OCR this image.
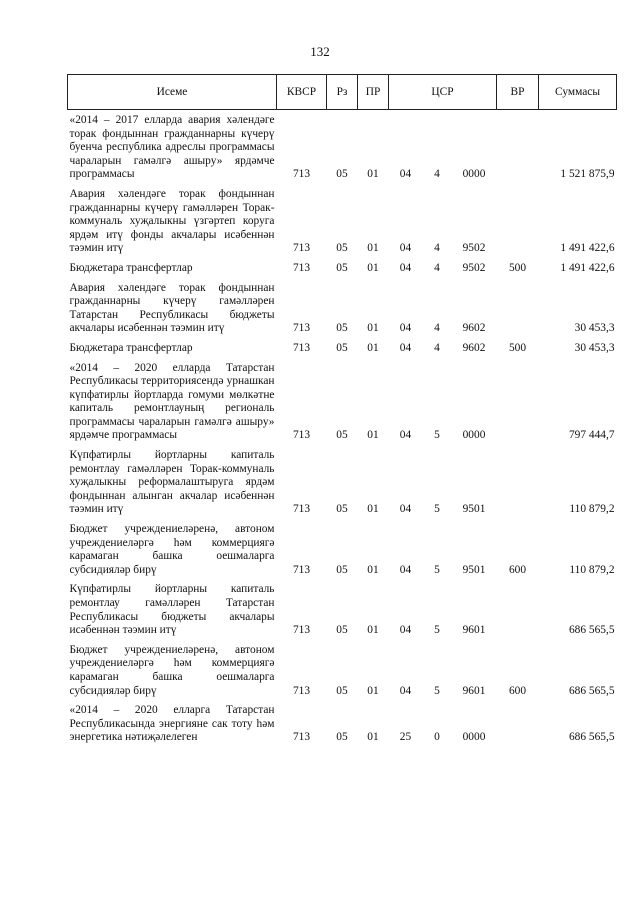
132
Исеме	КВСР	Рз	ПР	ЦСР			ВР	Суммасы
«2014 – 2017 елларда авария хәлендәге торак фондыннан гражданнарны күчерү буенча республика адреслы программасы чараларын гамәлгә ашыру» ярдәмче программасы	713	05	01	04	4	0000		1 521 875,9
Авария хәлендәге торак фондыннан гражданнарны күчерү гамәлләрен Торак-коммуналь хуҗалыкны үзгәртеп коруга ярдәм итү фонды акчалары исәбеннән тәэмин итү	713	05	01	04	4	9502		1 491 422,6
Бюджетара трансфертлар	713	05	01	04	4	9502	500	1 491 422,6
Авария хәлендәге торак фондыннан гражданнарны күчерү гамәлләрен Татарстан Республикасы бюджеты акчалары исәбеннән тәэмин итү	713	05	01	04	4	9602		30 453,3
Бюджетара трансфертлар	713	05	01	04	4	9602	500	30 453,3
«2014 – 2020 елларда Татарстан Республикасы территориясендә урнашкан күпфатирлы йортларда гомуми мөлкәтне капиталь ремонтлауның региональ программасы чараларын гамәлгә ашыру» ярдәмче программасы	713	05	01	04	5	0000		797 444,7
Күпфатирлы йортларны капиталь ремонтлау гамәлләрен Торак-коммуналь хуҗалыкны реформалаштыруга ярдәм фондыннан алынган акчалар исәбеннән тәэмин итү	713	05	01	04	5	9501		110 879,2
Бюджет учреждениеләренә, автоном учреждениеләргә һәм коммерциягә карамаган башка оешмаларга субсидияләр бирү	713	05	01	04	5	9501	600	110 879,2
Күпфатирлы йортларны капиталь ремонтлау гамәлләрен Татарстан Республикасы бюджеты акчалары исәбеннән тәэмин итү	713	05	01	04	5	9601		686 565,5
Бюджет учреждениеләренә, автоном учреждениеләргә һәм коммерциягә карамаган башка оешмаларга субсидияләр бирү	713	05	01	04	5	9601	600	686 565,5
«2014 – 2020 елларга Татарстан Республикасында энергияне сак тоту һәм энергетика нәтиҗәлелеген	713	05	01	25	0	0000		686 565,5
